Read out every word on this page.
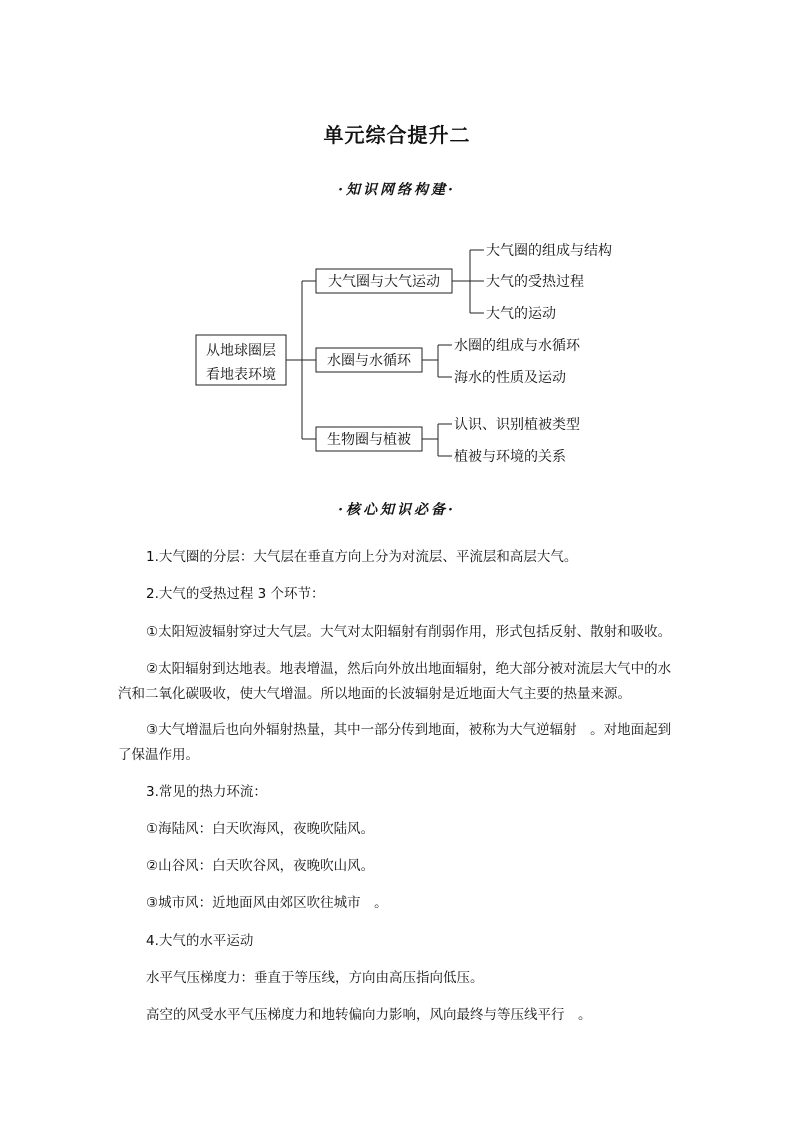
单元综合提升二
·知识网络构建·
从地球圈层
看地表环境
大气圈与大气运动
大气圈的组成与结构
大气的受热过程
大气的运动
水圈与水循环
水圈的组成与水循环
海水的性质及运动
生物圈与植被
认识、识别植被类型
植被与环境的关系
·核心知识必备·

1.大气圈的分层：大气层在垂直方向上分为对流层、平流层和高层大气。

2.大气的受热过程 3 个环节：

①太阳短波辐射穿过大气层。大气对太阳辐射有削弱作用，形式包括反射、散射和吸收。

②太阳辐射到达地表。地表增温，然后向外放出地面辐射，绝大部分被对流层大气中的水汽和二氧化碳吸收，使大气增温。所以地面的长波辐射是近地面大气主要的热量来源。

③大气增温后也向外辐射热量，其中一部分传到地面，被称为大气逆辐射　。对地面起到了保温作用。

3.常见的热力环流：

①海陆风：白天吹海风，夜晚吹陆风。

②山谷风：白天吹谷风，夜晚吹山风。

③城市风：近地面风由郊区吹往城市　。

4.大气的水平运动

水平气压梯度力：垂直于等压线，方向由高压指向低压。

高空的风受水平气压梯度力和地转偏向力影响，风向最终与等压线平行　。
